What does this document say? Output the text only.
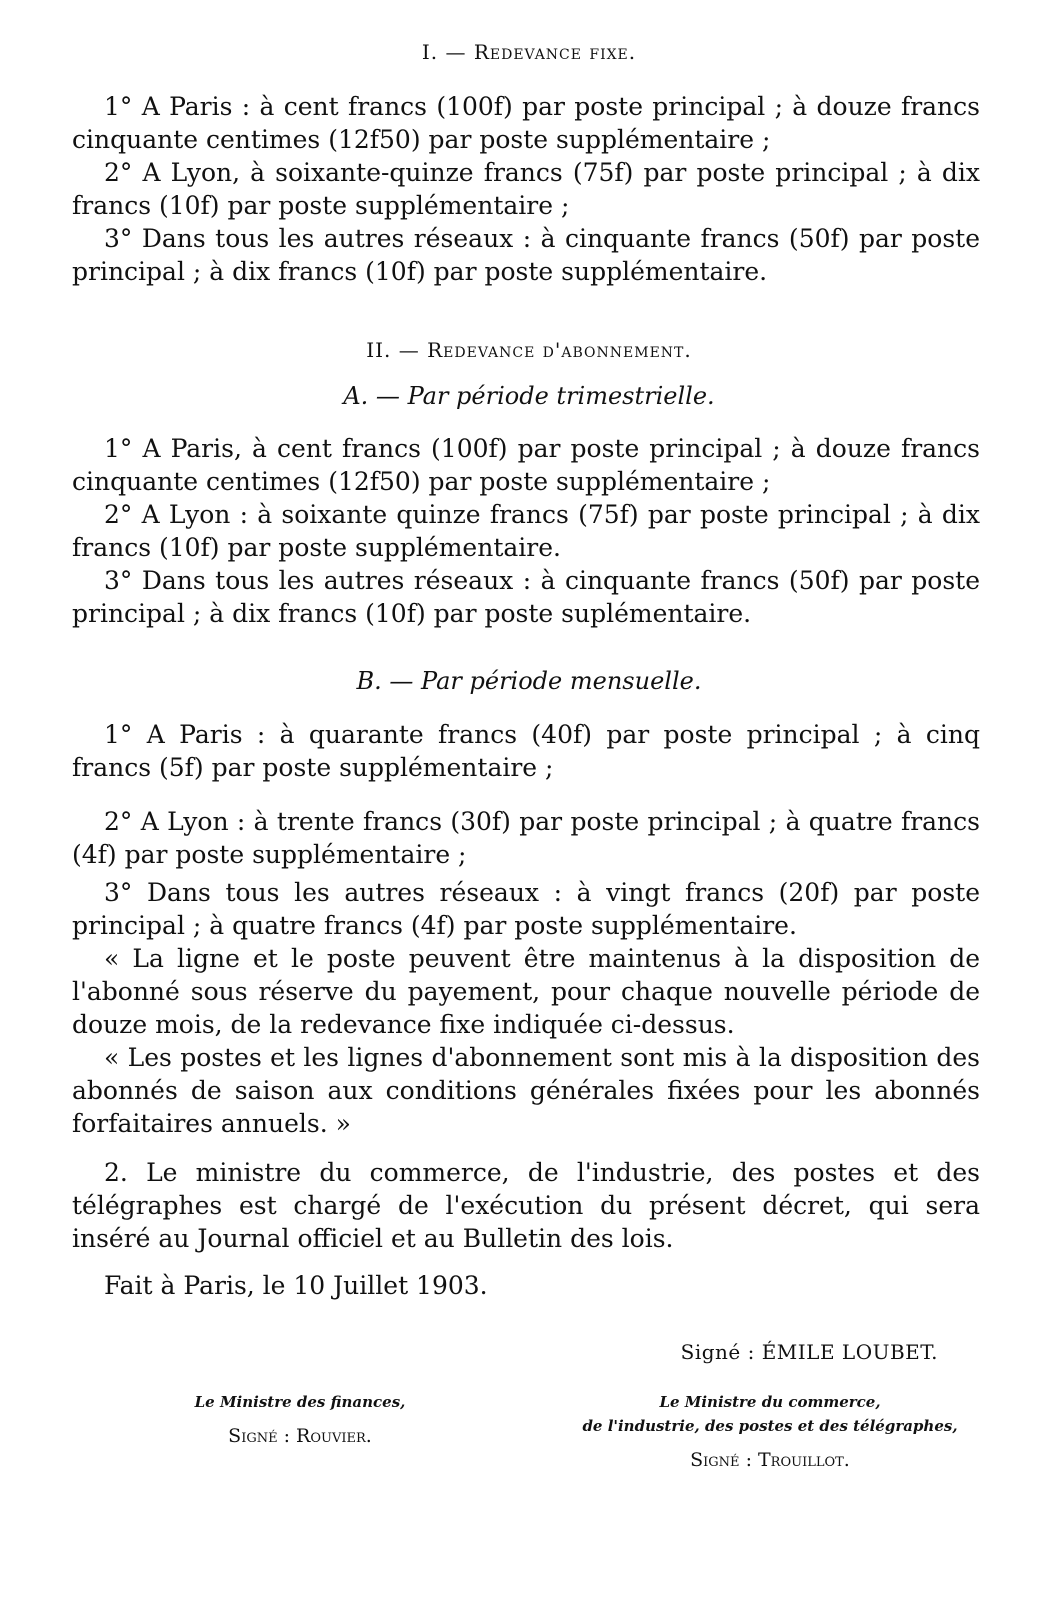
I. — Redevance fixe.

1° A Paris : à cent francs (100f) par poste principal ; à douze francs cinquante centimes (12f50) par poste supplémentaire ;

2° A Lyon, à soixante-quinze francs (75f) par poste principal ; à dix francs (10f) par poste supplémentaire ;

3° Dans tous les autres réseaux : à cinquante francs (50f) par poste principal ; à dix francs (10f) par poste supplémentaire.

II. — Redevance d'abonnement.
A. — Par période trimestrielle.

1° A Paris, à cent francs (100f) par poste principal ; à douze francs cinquante centimes (12f50) par poste supplémentaire ;

2° A Lyon : à soixante quinze francs (75f) par poste principal ; à dix francs (10f) par poste supplémentaire.

3° Dans tous les autres réseaux : à cinquante francs (50f) par poste principal ; à dix francs (10f) par poste suplémentaire.

B. — Par période mensuelle.

1° A Paris : à quarante francs (40f) par poste principal ; à cinq francs (5f) par poste supplémentaire ;

2° A Lyon : à trente francs (30f) par poste principal ; à quatre francs (4f) par poste supplémentaire ;

3° Dans tous les autres réseaux : à vingt francs (20f) par poste principal ; à quatre francs (4f) par poste supplémentaire.

« La ligne et le poste peuvent être maintenus à la disposition de l'abonné sous réserve du payement, pour chaque nouvelle période de douze mois, de la redevance fixe indiquée ci-dessus.

« Les postes et les lignes d'abonnement sont mis à la disposition des abonnés de saison aux conditions générales fixées pour les abonnés forfaitaires annuels. »

2. Le ministre du commerce, de l'industrie, des postes et des télégraphes est chargé de l'exécution du présent décret, qui sera inséré au Journal officiel et au Bulletin des lois.

Fait à Paris, le 10 Juillet 1903.

Signé : ÉMILE LOUBET.
Le Ministre des finances,
Signé : Rouvier.
Le Ministre du commerce,
de l'industrie, des postes et des télégraphes,
Signé : Trouillot.
